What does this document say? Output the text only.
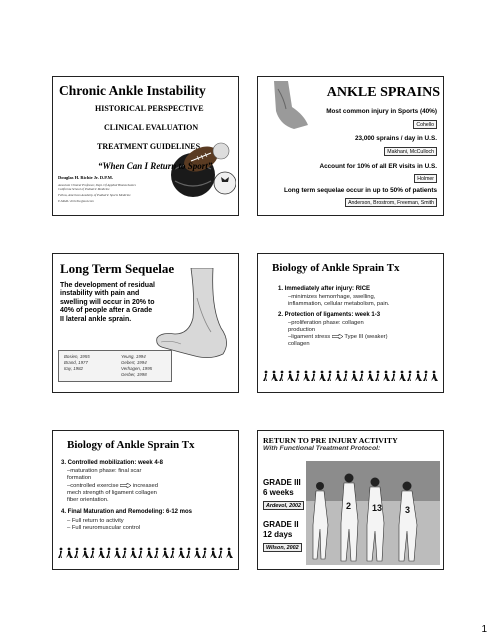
Chronic Ankle Instability
HISTORICAL PERSPECTIVE
CLINICAL EVALUATION
TREATMENT GUIDELINES
“When Can I Return to Sport”
Douglas H. Richie Jr. D.P.M.
Associate Clinical Professor, Dept. Of Applied Biomechanics
California School of Podiatric Medicine
Fellow, American Academy of Podiatric Sports Medicine
E-MAIL: drrichie@aol.com
ANKLE SPRAINS
Most common injury in Sports (40%)
Cohello
23,000 sprains / day in U.S.
Makhani, McCulloch
Account for 10% of all ER visits in U.S.
Holmer
Long term sequelae occur in up to 50% of patients
Anderson, Brostrom, Freeman, Smith
Long Term Sequelae
The development of residual instability with pain and swelling will occur in 20% to 40% of people after a Grade II lateral ankle sprain.
Bosien, 1955
Brand, 1977
Itay, 1982
Yeung, 1994
Gebert, 1994
Verhagen, 1995
Gerber, 1998
Biology of Ankle Sprain Tx
1. Immediately after injury: RICE
–minimizes hemorrhage, swelling,
inflammation, cellular metabolism, pain.
2. Protection of ligaments: week 1-3
–proliferation phase: collagen
production
–ligament stress Type III (weaker)
collagen
Biology of Ankle Sprain Tx
3. Controlled mobilization: week 4-8
–maturation phase: final scar
formation
–controlled exercise increased
mech strength of ligament collagen
fiber orientation.
4. Final Maturation and Remodeling: 6-12 mos
– Full return to activity
– Full neuromuscular control
RETURN TO PRE INJURY ACTIVITY
With Functional Treatment Protocol:
2 13	3
GRADE III
6 weeks
Ardevol, 2002
GRADE II
12 days
Wilson, 2002
1
